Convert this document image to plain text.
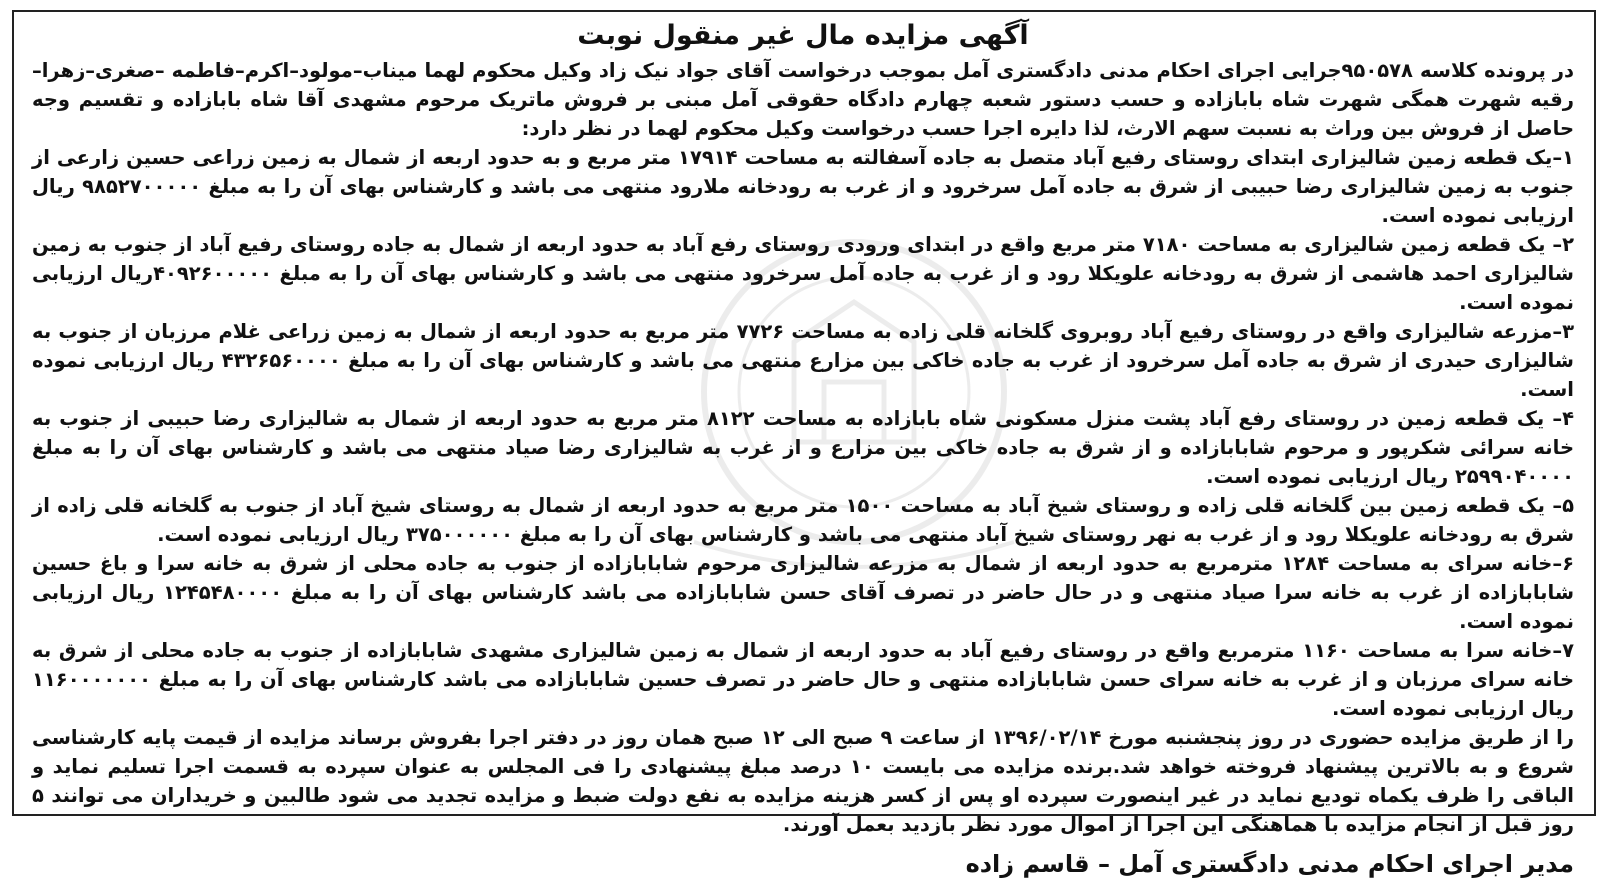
آگهی مزایده مال غیر منقول نوبت

در پرونده کلاسه ۹۵۰۵۷۸جرایی اجرای احکام مدنی دادگستری آمل بموجب درخواست آقای جواد نیک زاد وکیل محکوم لهما میناب–مولود–اکرم–فاطمه –صغری–زهرا–رقیه شهرت همگی شهرت شاه بابازاده و حسب دستور شعبه چهارم دادگاه حقوقی آمل مبنی بر فروش ماتریک مرحوم مشهدی آقا شاه بابازاده و تقسیم وجه حاصل از فروش بین وراث به نسبت سهم الارث، لذا دایره اجرا حسب درخواست وکیل محکوم لهما در نظر دارد:

۱–یک قطعه زمین شالیزاری ابتدای روستای رفیع آباد متصل به جاده آسفالته به مساحت ۱۷۹۱۴ متر مربع و به حدود اربعه از شمال به زمین زراعی حسین زارعی از جنوب به زمین شالیزاری رضا حبیبی از شرق به جاده آمل سرخرود و از غرب به رودخانه ملارود منتهی می باشد و کارشناس بهای آن را به مبلغ ۹۸۵۲۷۰۰۰۰۰ ریال ارزیابی نموده است.

۲– یک قطعه زمین شالیزاری به مساحت ۷۱۸۰ متر مربع واقع در ابتدای ورودی روستای رفع آباد به حدود اربعه از شمال به جاده روستای رفیع آباد از جنوب به زمین شالیزاری احمد هاشمی از شرق به رودخانه علویکلا رود و از غرب به جاده آمل سرخرود منتهی می باشد و کارشناس بهای آن را به مبلغ ۴۰۹۲۶۰۰۰۰۰ریال ارزیابی نموده است.

۳–مزرعه شالیزاری واقع در روستای رفیع آباد روبروی گلخانه قلی زاده به مساحت ۷۷۲۶ متر مربع به حدود اربعه از شمال به زمین زراعی غلام مرزبان از جنوب به شالیزاری حیدری از شرق به جاده آمل سرخرود از غرب به جاده خاکی بین مزارع منتهی می باشد و کارشناس بهای آن را به مبلغ ۴۳۲۶۵۶۰۰۰۰ ریال ارزیابی نموده است.

۴– یک قطعه زمین در روستای رفع آباد پشت منزل مسکونی شاه بابازاده به مساحت ۸۱۲۲ متر مربع به حدود اربعه از شمال به شالیزاری رضا حبیبی از جنوب به خانه سرائی شکرپور و مرحوم شابابازاده و از شرق به جاده خاکی بین مزارع و از غرب به شالیزاری رضا صیاد منتهی می باشد و کارشناس بهای آن را به مبلغ ۲۵۹۹۰۴۰۰۰۰ ریال ارزیابی نموده است.

۵– یک قطعه زمین بین گلخانه قلی زاده و روستای شیخ آباد به مساحت ۱۵۰۰ متر مربع به حدود اربعه از شمال به روستای شیخ آباد از جنوب به گلخانه قلی زاده از شرق به رودخانه علویکلا رود و از غرب به نهر روستای شیخ آباد منتهی می باشد و کارشناس بهای آن را به مبلغ ۳۷۵۰۰۰۰۰۰ ریال ارزیابی نموده است.

۶–خانه سرای به مساحت ۱۲۸۴ مترمربع به حدود اربعه از شمال به مزرعه شالیزاری مرحوم شابابازاده از جنوب به جاده محلی از شرق به خانه سرا و باغ حسین شابابازاده از غرب به خانه سرا صیاد منتهی و در حال حاضر در تصرف آقای حسن شابابازاده می باشد کارشناس بهای آن را به مبلغ ۱۲۴۵۴۸۰۰۰۰ ریال ارزیابی نموده است.

۷–خانه سرا به مساحت ۱۱۶۰ مترمربع واقع در روستای رفیع آباد به حدود اربعه از شمال به زمین شالیزاری مشهدی شابابازاده از جنوب به جاده محلی از شرق به خانه سرای مرزبان و از غرب به خانه سرای حسن شابابازاده منتهی و حال حاضر در تصرف حسین شابابازاده می باشد کارشناس بهای آن را به مبلغ ۱۱۶۰۰۰۰۰۰۰ ریال ارزیابی نموده است.

را از طریق مزایده حضوری در روز پنجشنبه مورخ ۱۳۹۶/۰۲/۱۴ از ساعت ۹ صبح الی ۱۲ صبح همان روز در دفتر اجرا بفروش برساند مزایده از قیمت پایه کارشناسی شروع و به بالاترین پیشنهاد فروخته خواهد شد.برنده مزایده می بایست ۱۰ درصد مبلغ پیشنهادی را فی المجلس به عنوان سپرده به قسمت اجرا تسلیم نماید و الباقی را ظرف یکماه تودیع نماید در غیر اینصورت سپرده او پس از کسر هزینه مزایده به نفع دولت ضبط و مزایده تجدید می شود طالبین و خریداران می توانند ۵ روز قبل از انجام مزایده با هماهنگی این اجرا از اموال مورد نظر بازدید بعمل آورند.

مدیر اجرای احکام مدنی دادگستری آمل – قاسم زاده
